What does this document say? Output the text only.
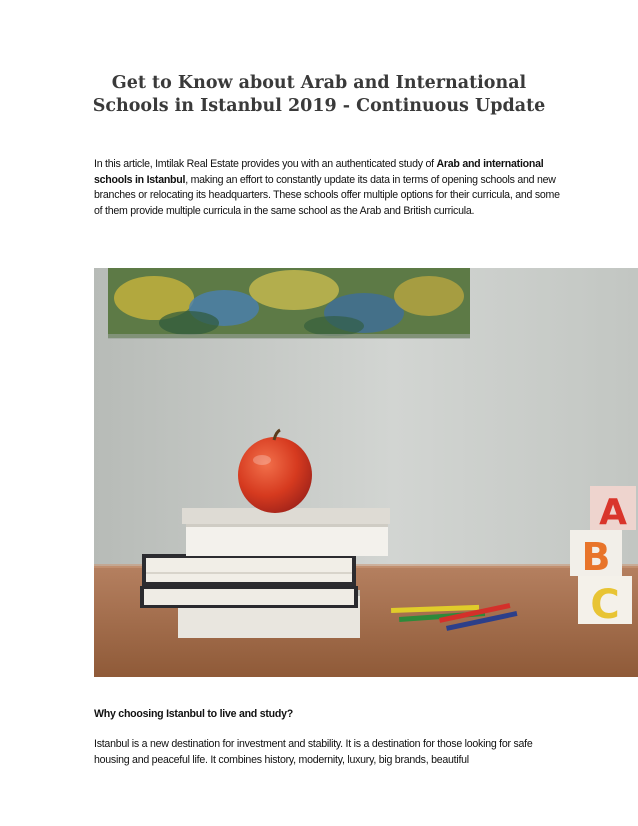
Get to Know about Arab and International
Schools in Istanbul 2019 - Continuous Update

In this article, Imtilak Real Estate provides you with an authenticated study of Arab and international schools in Istanbul, making an effort to constantly update its data in terms of opening schools and new branches or relocating its headquarters. These schools offer multiple options for their curricula, and some of them provide multiple curricula in the same school as the Arab and British curricula.

A
B
C

Why choosing Istanbul to live and study?

Istanbul is a new destination for investment and stability. It is a destination for those looking for safe housing and peaceful life. It combines history, modernity, luxury, big brands, beautiful
